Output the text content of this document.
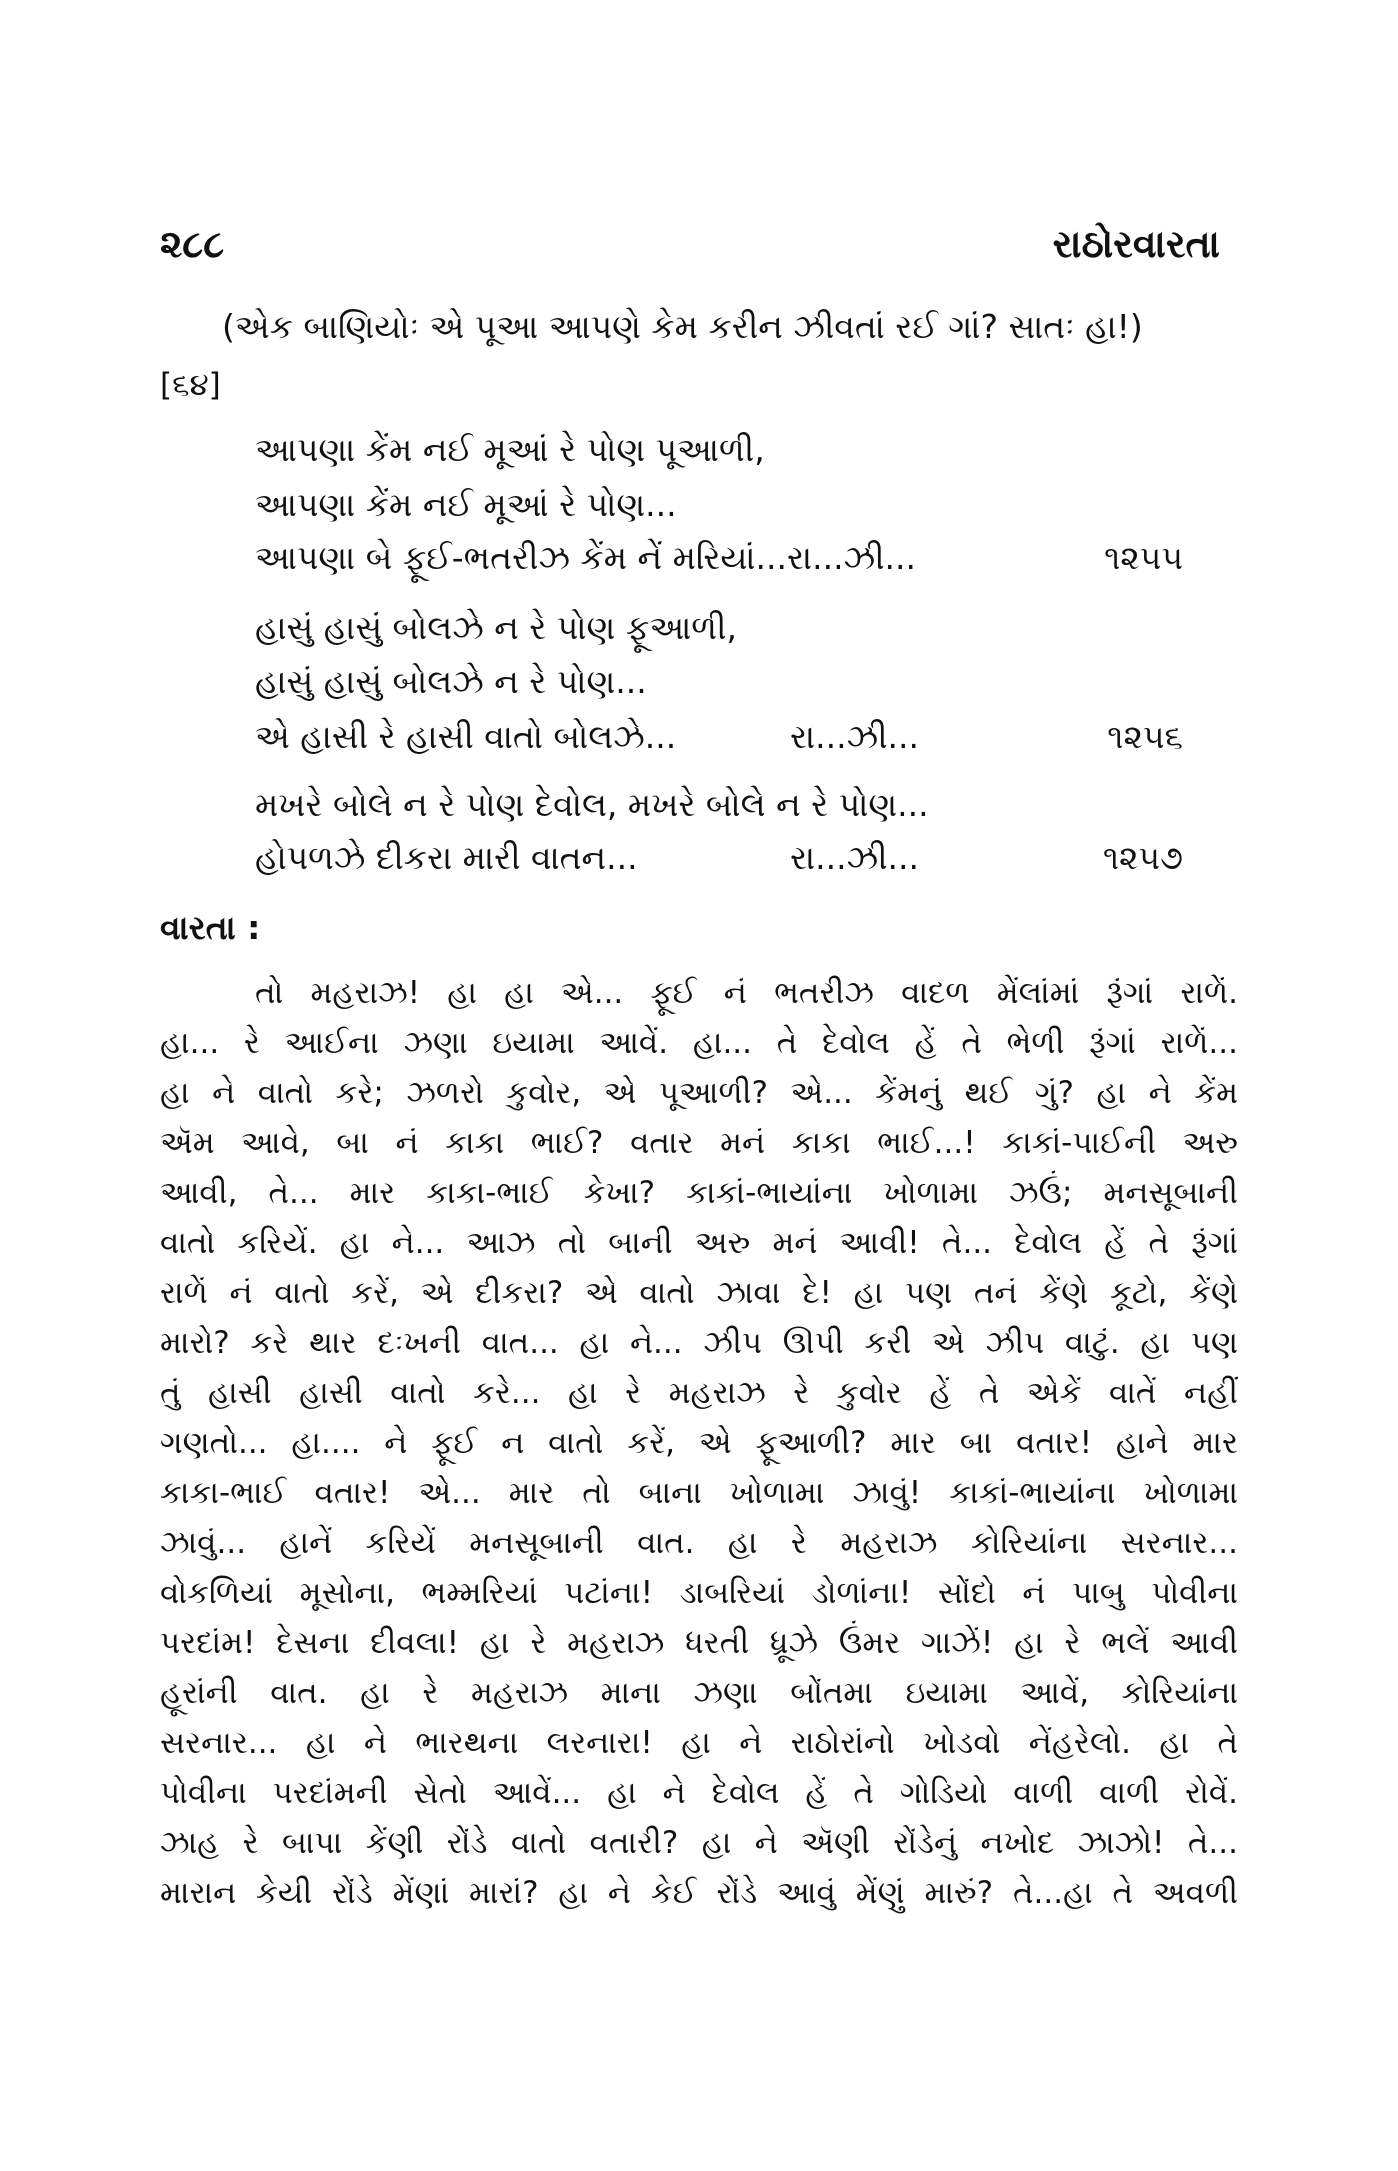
૨૮૮	રાઠોરવારતા
(એક બાણિયોઃ એ પૂઆ આપણે કેમ કરીન ઝીવતાં રઈ ગાં? સાતઃ હા!)
[૬૪]
આપણા કેંમ નઈ મૂઆં રે પોણ પૂઆળી,
આપણા કેંમ નઈ મૂઆં રે પોણ...
આપણા બે ફૂઈ-ભતરીઝ કેંમ નેં મરિયાં...રા...ઝી...	૧૨૫૫
હાસું હાસું બોલઝે ન રે પોણ ફૂઆળી,
હાસું હાસું બોલઝે ન રે પોણ...
એ હાસી રે હાસી વાતો બોલઝે...	રા...ઝી...	૧૨૫૬
મખરે બોલે ન રે પોણ દેવોલ, મખરે બોલે ન રે પોણ...
હોપળઝે દીકરા મારી વાતન...	રા...ઝી...	૧૨૫૭
વારતા :
તો મહરાઝ! હા હા એ... ફૂઈ નં ભતરીઝ વાદળ મેંલાંમાં રૂંગાં રાળેં.
હા... રે આઈના ઝણા ઇયામા આવેં. હા... તે દેવોલ હેં તે ભેળી રૂંગાં રાળેં...
હા ને વાતો કરે; ઝળરો કુવોર, એ પૂઆળી? એ... કેંમનું થઈ ગું? હા ને કેંમ
ઍમ આવે, બા નં કાકા ભાઈ? વતાર મનં કાકા ભાઈ...! કાકાં-પાઈની અરુ
આવી, તે... માર કાકા-ભાઈ કેખા? કાકાં-ભાયાંના ખોળામા ઝઉં; મનસૂબાની
વાતો કરિયેં. હા ને... આઝ તો બાની અરુ મનં આવી! તે... દેવોલ હેં તે રૂંગાં
રાળેં નં વાતો કરેં, એ દીકરા? એ વાતો ઝાવા દે! હા પણ તનં કેંણે કૂટો, કેંણે
મારો? કરે થાર દઃખની વાત... હા ને... ઝીપ ઊપી કરી એ ઝીપ વાટું. હા પણ
તું હાસી હાસી વાતો કરે... હા રે મહરાઝ રે કુવોર હેં તે એકેં વાતેં નહીં
ગણતો... હા.... ને ફૂઈ ન વાતો કરેં, એ ફૂઆળી? માર બા વતાર! હાને માર
કાકા-ભાઈ વતાર! એ... માર તો બાના ખોળામા ઝાવું! કાકાં-ભાયાંના ખોળામા
ઝાવું... હાનેં કરિયેં મનસૂબાની વાત. હા રે મહરાઝ કોરિયાંના સરનાર...
વોકળિયાં મૂસોના, ભમ્મરિયાં પટાંના! ડાબરિયાં ડોળાંના! સોંદો નં પાબુ પોવીના
પરદાંમ! દેસના દીવલા! હા રે મહરાઝ ધરતી ધ્રૂઝે ઉંમર ગાઝેં! હા રે ભલેં આવી
હૂરાંની વાત. હા રે મહરાઝ માના ઝણા બોંતમા ઇયામા આવેં, કોરિયાંના
સરનાર... હા ને ભારથના લરનારા! હા ને રાઠોરાંનો ખોડવો નેંહરેલો. હા તે
પોવીના પરદાંમની સેતો આવેં... હા ને દેવોલ હેં તે ગોડિયો વાળી વાળી રોવેં.
ઝાહ રે બાપા કેંણી રોંડે વાતો વતારી? હા ને ઍણી રોંડેનું નખોદ ઝાઝો! તે...
મારાન કેયી રોંડે મેંણાં મારાં? હા ને કેઈ રોંડે આવું મેંણું મારું? તે...હા તે અવળી
